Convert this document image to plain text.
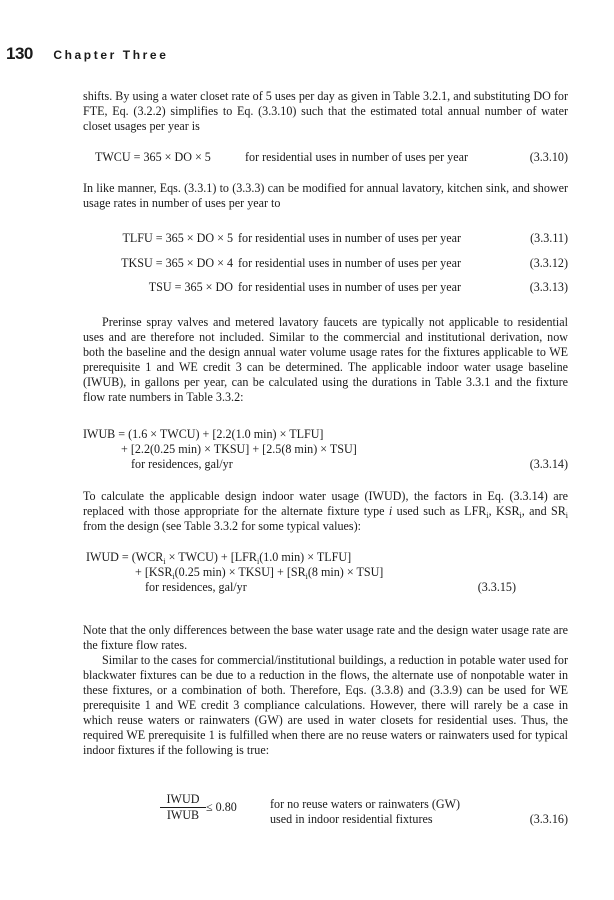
130 Chapter Three
shifts. By using a water closet rate of 5 uses per day as given in Table 3.2.1, and substituting DO for FTE, Eq. (3.2.2) simplifies to Eq. (3.3.10) such that the estimated total annual number of water closet usages per year is
TWCU = 365 × DO × 5	for residential uses in number of uses per year	(3.3.10)
In like manner, Eqs. (3.3.1) to (3.3.3) can be modified for annual lavatory, kitchen sink, and shower usage rates in number of uses per year to
TLFU = 365 × DO × 5 for residential uses in number of uses per year	(3.3.11)
TKSU = 365 × DO × 4 for residential uses in number of uses per year	(3.3.12)
TSU = 365 × DO for residential uses in number of uses per year	(3.3.13)
Prerinse spray valves and metered lavatory faucets are typically not applicable to residential uses and are therefore not included. Similar to the commercial and institutional derivation, now both the baseline and the design annual water volume usage rates for the fixtures applicable to WE prerequisite 1 and WE credit 3 can be determined. The applicable indoor water usage baseline (IWUB), in gallons per year, can be calculated using the durations in Table 3.3.1 and the fixture flow rate numbers in Table 3.3.2:
IWUB = (1.6 × TWCU) + [2.2(1.0 min) × TLFU]
+ [2.2(0.25 min) × TKSU] + [2.5(8 min) × TSU]
for residences, gal/yr	(3.3.14)
To calculate the applicable design indoor water usage (IWUD), the factors in Eq. (3.3.14) are replaced with those appropriate for the alternate fixture type i used such as $LFR_i$, $KSR_i$, and $SR_i$ from the design (see Table 3.3.2 for some typical values):
IWUD = ($WCR_i$ × TWCU) + [$LFR_i(1.0$ min) × TLFU]
+ [$KSR_i(0.25$ min) × TKSU] + [$SR_i(8$ min) × TSU]
for residences, gal/yr	(3.3.15)
Note that the only differences between the base water usage rate and the design water usage rate are the fixture flow rates.
Similar to the cases for commercial/institutional buildings, a reduction in potable water used for blackwater fixtures can be due to a reduction in the flows, the alternate use of nonpotable water in these fixtures, or a combination of both. Therefore, Eqs. (3.3.8) and (3.3.9) can be used for WE prerequisite 1 and WE credit 3 compliance calculations. However, there will rarely be a case in which reuse waters or rainwaters (GW) are used in water closets for residential uses. Thus, the required WE prerequisite 1 is fulfilled when there are no reuse waters or rainwaters used for typical indoor fixtures if the following is true:
IWUD
IWUB
≤ 0.80	for no reuse waters or rainwaters (GW)
used in indoor residential fixtures	(3.3.16)
